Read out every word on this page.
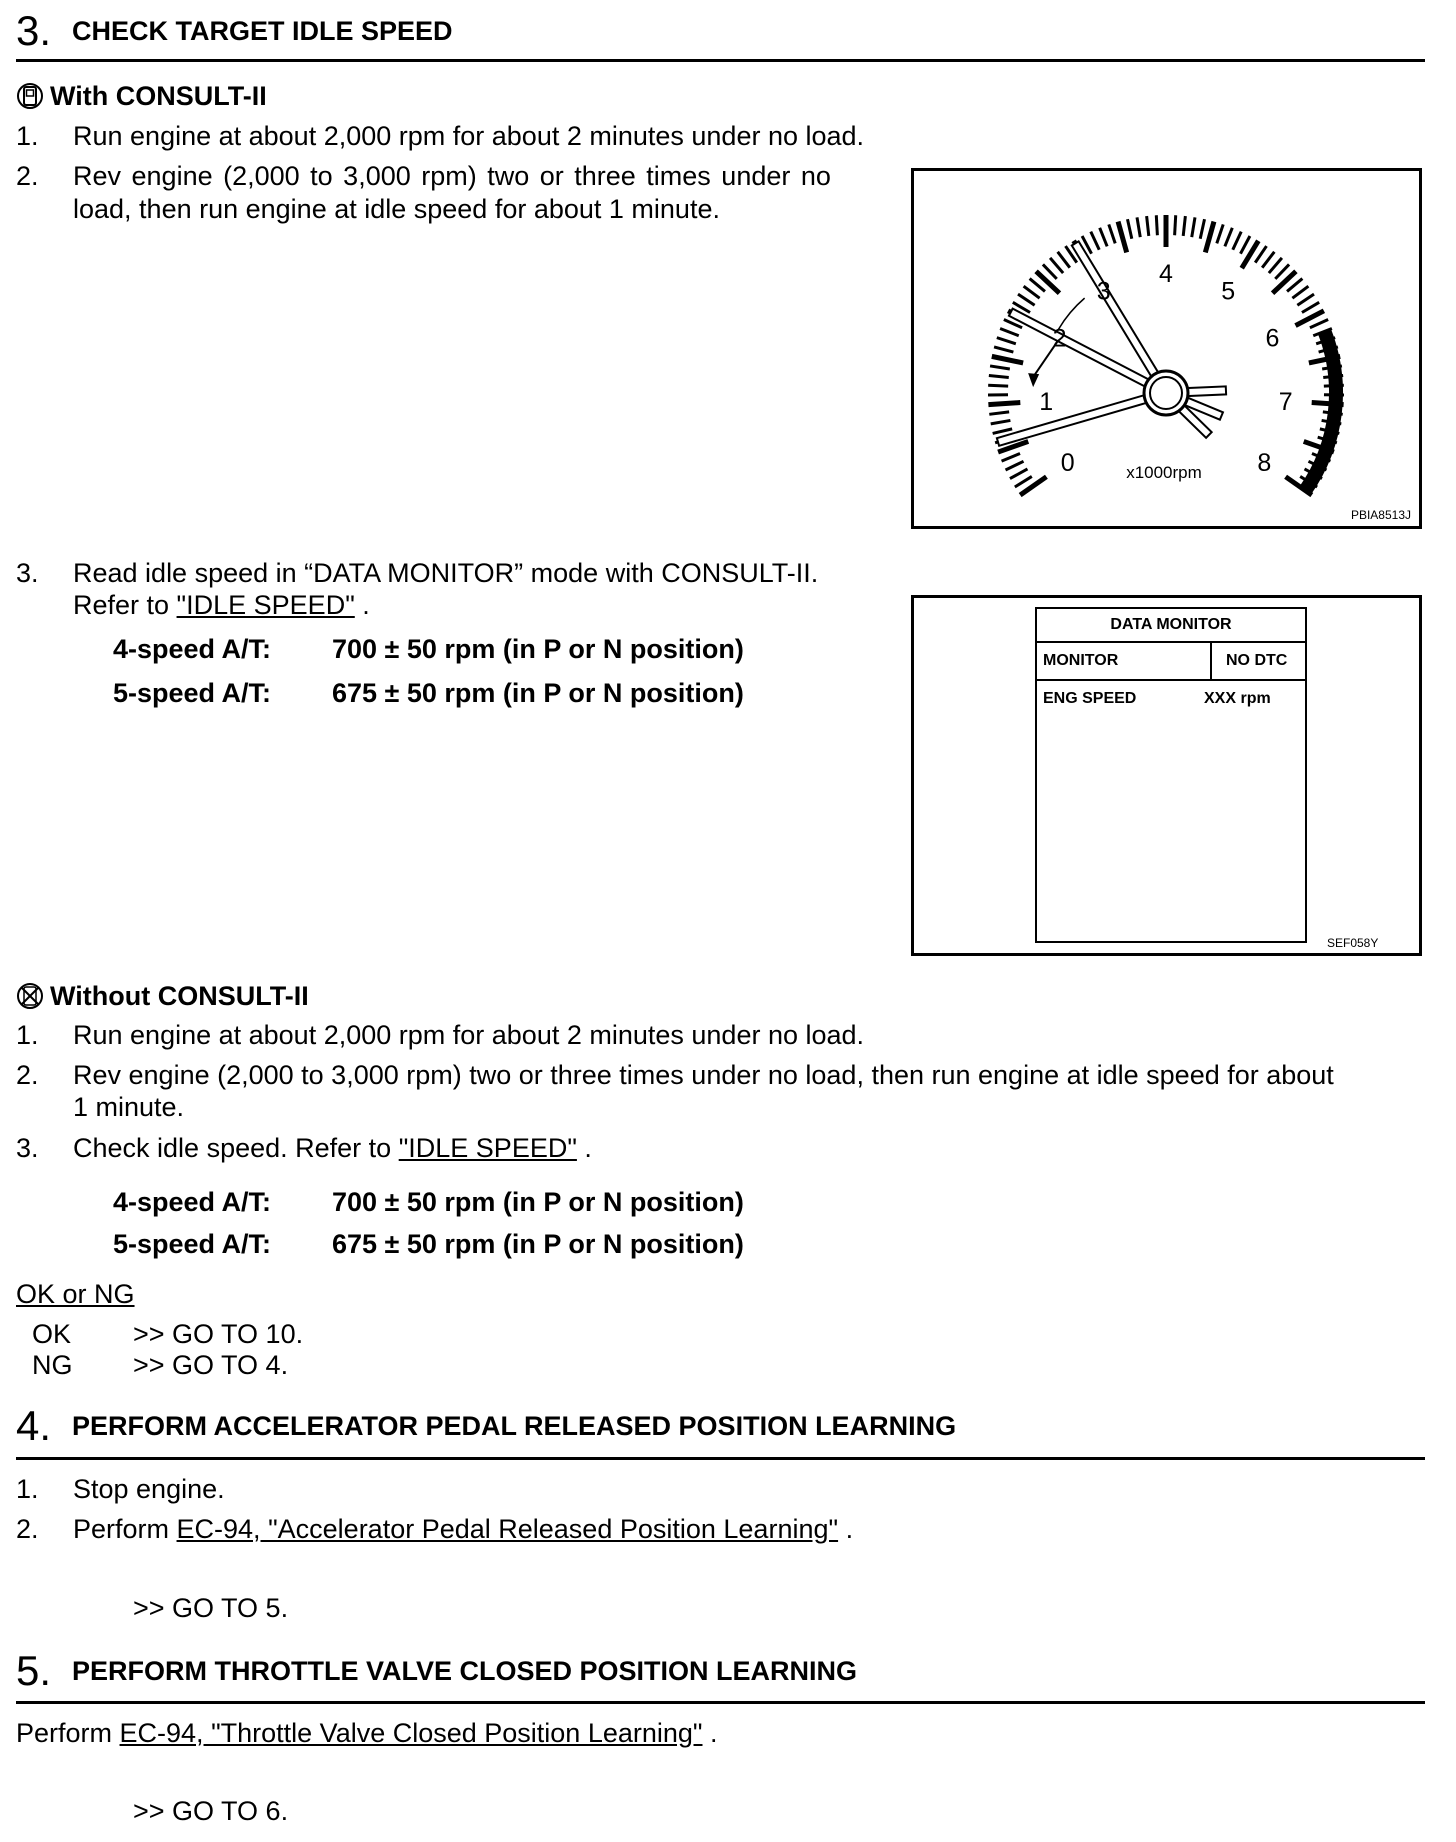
3. CHECK TARGET IDLE SPEED
With CONSULT-II
1. Run engine at about 2,000 rpm for about 2 minutes under no load.
2. Rev engine (2,000 to 3,000 rpm) two or three times under no
load, then run engine at idle speed for about 1 minute.
0
1
2
3
4
5
6
7
8
x1000rpm
PBIA8513J
3. Read idle speed in “DATA MONITOR” mode with CONSULT-II.
Refer to "IDLE SPEED" .
4-speed A/T: 700 ± 50 rpm (in P or N position)
5-speed A/T: 675 ± 50 rpm (in P or N position)
DATA MONITOR
MONITOR	NO DTC
ENG SPEED	XXX rpm
SEF058Y
Without CONSULT-II
1. Run engine at about 2,000 rpm for about 2 minutes under no load.
2. Rev engine (2,000 to 3,000 rpm) two or three times under no load, then run engine at idle speed for about
1 minute.
3. Check idle speed. Refer to "IDLE SPEED" .
4-speed A/T: 700 ± 50 rpm (in P or N position)
5-speed A/T: 675 ± 50 rpm (in P or N position)
OK or NG
OK >> GO TO 10.
NG >> GO TO 4.
4. PERFORM ACCELERATOR PEDAL RELEASED POSITION LEARNING
1. Stop engine.
2. Perform EC-94, "Accelerator Pedal Released Position Learning" .
>> GO TO 5.
5. PERFORM THROTTLE VALVE CLOSED POSITION LEARNING
Perform EC-94, "Throttle Valve Closed Position Learning" .
>> GO TO 6.
